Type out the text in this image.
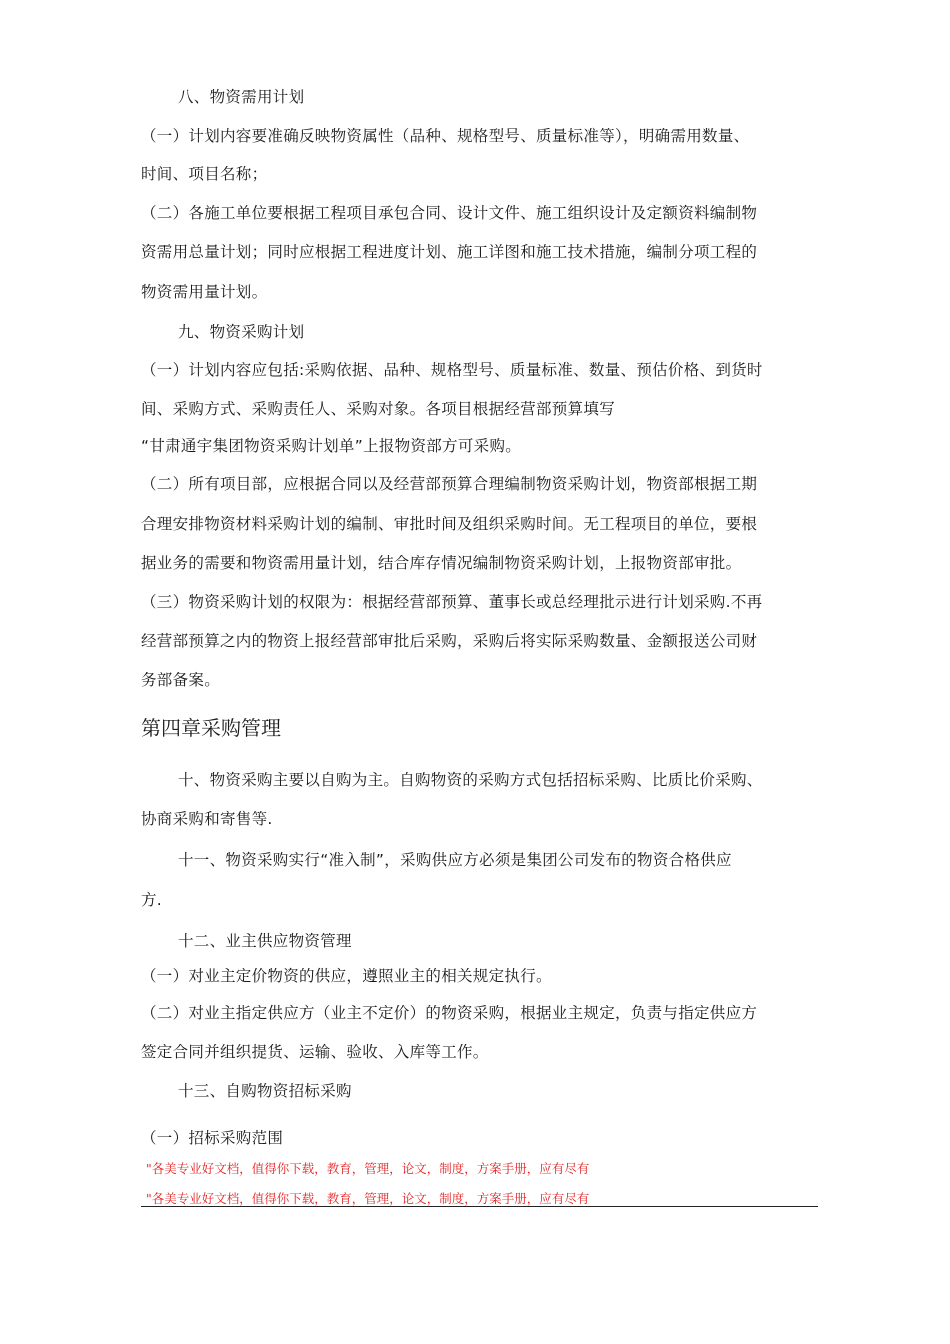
八、物资需用计划
（一）计划内容要准确反映物资属性（品种、规格型号、质量标准等），明确需用数量、
时间、项目名称；
（二）各施工单位要根据工程项目承包合同、设计文件、施工组织设计及定额资料编制物
资需用总量计划；同时应根据工程进度计划、施工详图和施工技术措施，编制分项工程的
物资需用量计划。
九、物资采购计划
（一）计划内容应包括:采购依据、品种、规格型号、质量标准、数量、预估价格、到货时
间、采购方式、采购责任人、采购对象。各项目根据经营部预算填写
“甘肃通宇集团物资采购计划单”上报物资部方可采购。
（二）所有项目部，应根据合同以及经营部预算合理编制物资采购计划，物资部根据工期
合理安排物资材料采购计划的编制、审批时间及组织采购时间。无工程项目的单位，要根
据业务的需要和物资需用量计划，结合库存情况编制物资采购计划，上报物资部审批。
（三）物资采购计划的权限为：根据经营部预算、董事长或总经理批示进行计划采购.不再
经营部预算之内的物资上报经营部审批后采购，采购后将实际采购数量、金额报送公司财
务部备案。
第四章采购管理
十、物资采购主要以自购为主。自购物资的采购方式包括招标采购、比质比价采购、
协商采购和寄售等.
十一、物资采购实行“准入制”，采购供应方必须是集团公司发布的物资合格供应
方.
十二、业主供应物资管理
（一）对业主定价物资的供应，遵照业主的相关规定执行。
（二）对业主指定供应方（业主不定价）的物资采购，根据业主规定，负责与指定供应方
签定合同并组织提货、运输、验收、入库等工作。
十三、自购物资招标采购
（一）招标采购范围
"各美专业好文档，值得你下载，教育，管理，论文，制度，方案手册，应有尽有
"各美专业好文档，值得你下载，教育，管理，论文，制度，方案手册，应有尽有
